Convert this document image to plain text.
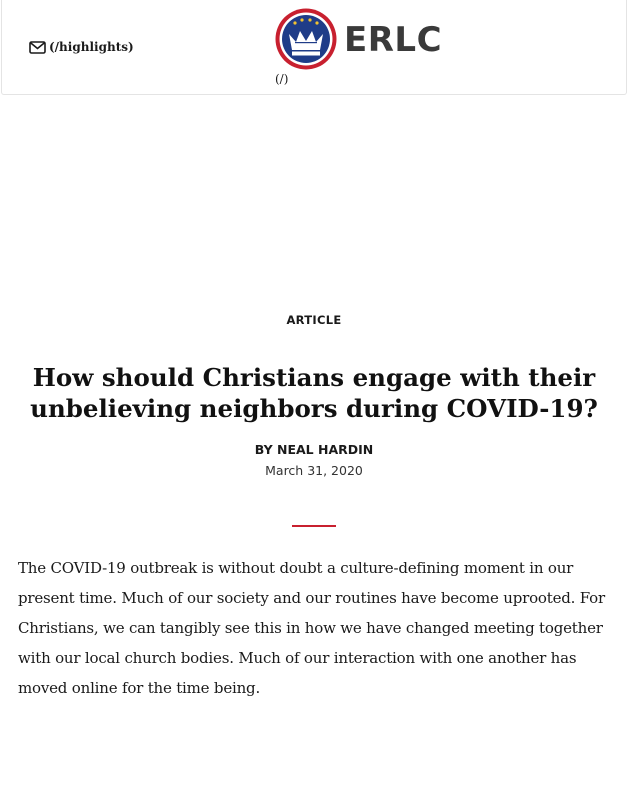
(/highlights)	ERLC
(/)
ARTICLE
How should Christians engage with their unbelieving neighbors during COVID-19?
BY NEAL HARDIN
March 31, 2020

The COVID-19 outbreak is without doubt a culture-defining moment in our present time. Much of our society and our routines have become uprooted. For Christians, we can tangibly see this in how we have changed meeting together with our local church bodies. Much of our interaction with one another has moved online for the time being.
